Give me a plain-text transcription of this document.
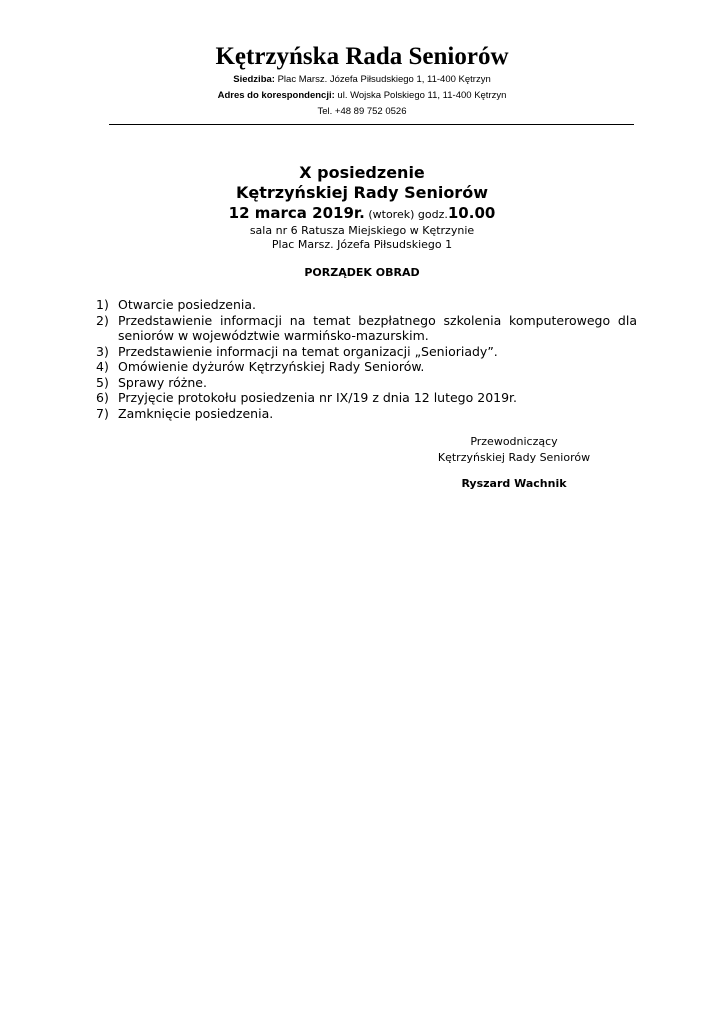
Kętrzyńska Rada Seniorów

Siedziba: Plac Marsz. Józefa Piłsudskiego 1, 11-400 Kętrzyn

Adres do korespondencji: ul. Wojska Polskiego 11, 11-400 Kętrzyn

Tel. +48 89 752 0526

X posiedzenie

Kętrzyńskiej Rady Seniorów

12 marca 2019r. (wtorek) godz.10.00

sala nr 6 Ratusza Miejskiego w Kętrzynie

Plac Marsz. Józefa Piłsudskiego 1

PORZĄDEK OBRAD

1) Otwarcie posiedzenia.
2) Przedstawienie informacji na temat bezpłatnego szkolenia komputerowego dla seniorów w województwie warmińsko-mazurskim.
3) Przedstawienie informacji na temat organizacji „Senioriady”.
4) Omówienie dyżurów Kętrzyńskiej Rady Seniorów.
5) Sprawy różne.
6) Przyjęcie protokołu posiedzenia nr IX/19 z dnia 12 lutego 2019r.
7) Zamknięcie posiedzenia.

Przewodniczący

Kętrzyńskiej Rady Seniorów

Ryszard Wachnik
